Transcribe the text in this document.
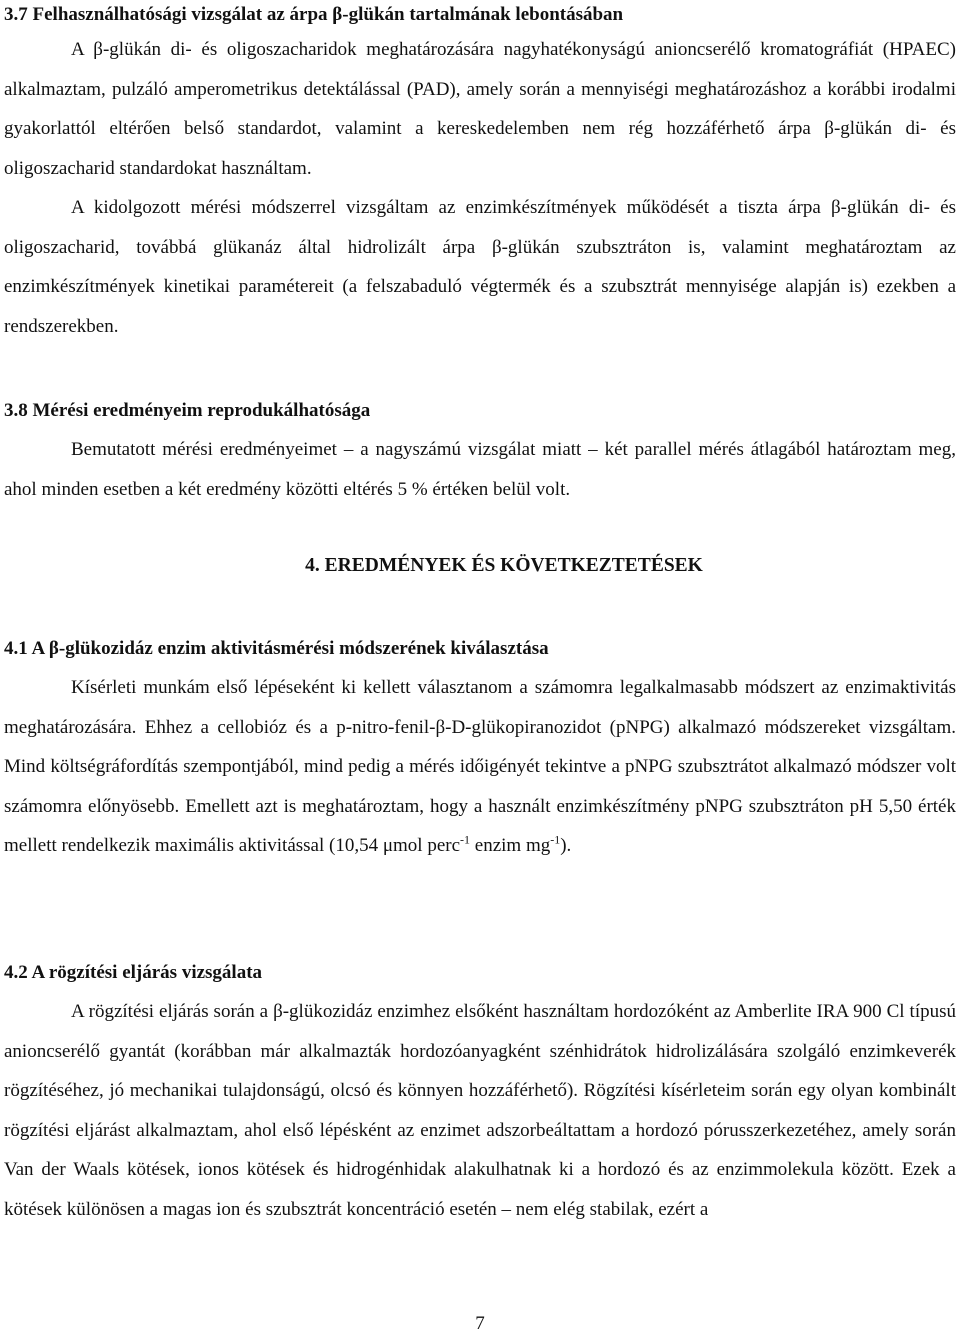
3.7 Felhasználhatósági vizsgálat az árpa β-glükán tartalmának lebontásában

A β-glükán di- és oligoszacharidok meghatározására nagyhatékonyságú anioncserélő kromatográfiát (HPAEC) alkalmaztam, pulzáló amperometrikus detektálással (PAD), amely során a mennyiségi meghatározáshoz a korábbi irodalmi gyakorlattól eltérően belső standardot, valamint a kereskedelemben nem rég hozzáférhető árpa β-glükán di- és oligoszacharid standardokat használtam.

A kidolgozott mérési módszerrel vizsgáltam az enzimkészítmények működését a tiszta árpa β-glükán di- és oligoszacharid, továbbá glükanáz által hidrolizált árpa β-glükán szubsztráton is, valamint meghatároztam az enzimkészítmények kinetikai paramétereit (a felszabaduló végtermék és a szubsztrát mennyisége alapján is) ezekben a rendszerekben.

3.8 Mérési eredményeim reprodukálhatósága

Bemutatott mérési eredményeimet – a nagyszámú vizsgálat miatt – két parallel mérés átlagából határoztam meg, ahol minden esetben a két eredmény közötti eltérés 5 % értéken belül volt.

4. EREDMÉNYEK ÉS KÖVETKEZTETÉSEK
4.1 A β-glükozidáz enzim aktivitásmérési módszerének kiválasztása

Kísérleti munkám első lépéseként ki kellett választanom a számomra legalkalmasabb módszert az enzimaktivitás meghatározására. Ehhez a cellobióz és a p-nitro-fenil-β-D-glükopiranozidot (pNPG) alkalmazó módszereket vizsgáltam. Mind költségráfordítás szempontjából, mind pedig a mérés időigényét tekintve a pNPG szubsztrátot alkalmazó módszer volt számomra előnyösebb. Emellett azt is meghatároztam, hogy a használt enzimkészítmény pNPG szubsztráton pH 5,50 érték mellett rendelkezik maximális aktivitással (10,54 μmol perc$^{-1}$ enzim $mg^{-1}$).

4.2 A rögzítési eljárás vizsgálata

A rögzítési eljárás során a β-glükozidáz enzimhez elsőként használtam hordozóként az Amberlite IRA 900 Cl típusú anioncserélő gyantát (korábban már alkalmazták hordozóanyagként szénhidrátok hidrolizálására szolgáló enzimkeverék rögzítéséhez, jó mechanikai tulajdonságú, olcsó és könnyen hozzáférhető). Rögzítési kísérleteim során egy olyan kombinált rögzítési eljárást alkalmaztam, ahol első lépésként az enzimet adszorbeáltattam a hordozó pórusszerkezetéhez, amely során Van der Waals kötések, ionos kötések és hidrogénhidak alakulhatnak ki a hordozó és az enzimmolekula között. Ezek a kötések különösen a magas ion és szubsztrát koncentráció esetén – nem elég stabilak, ezért a

7
